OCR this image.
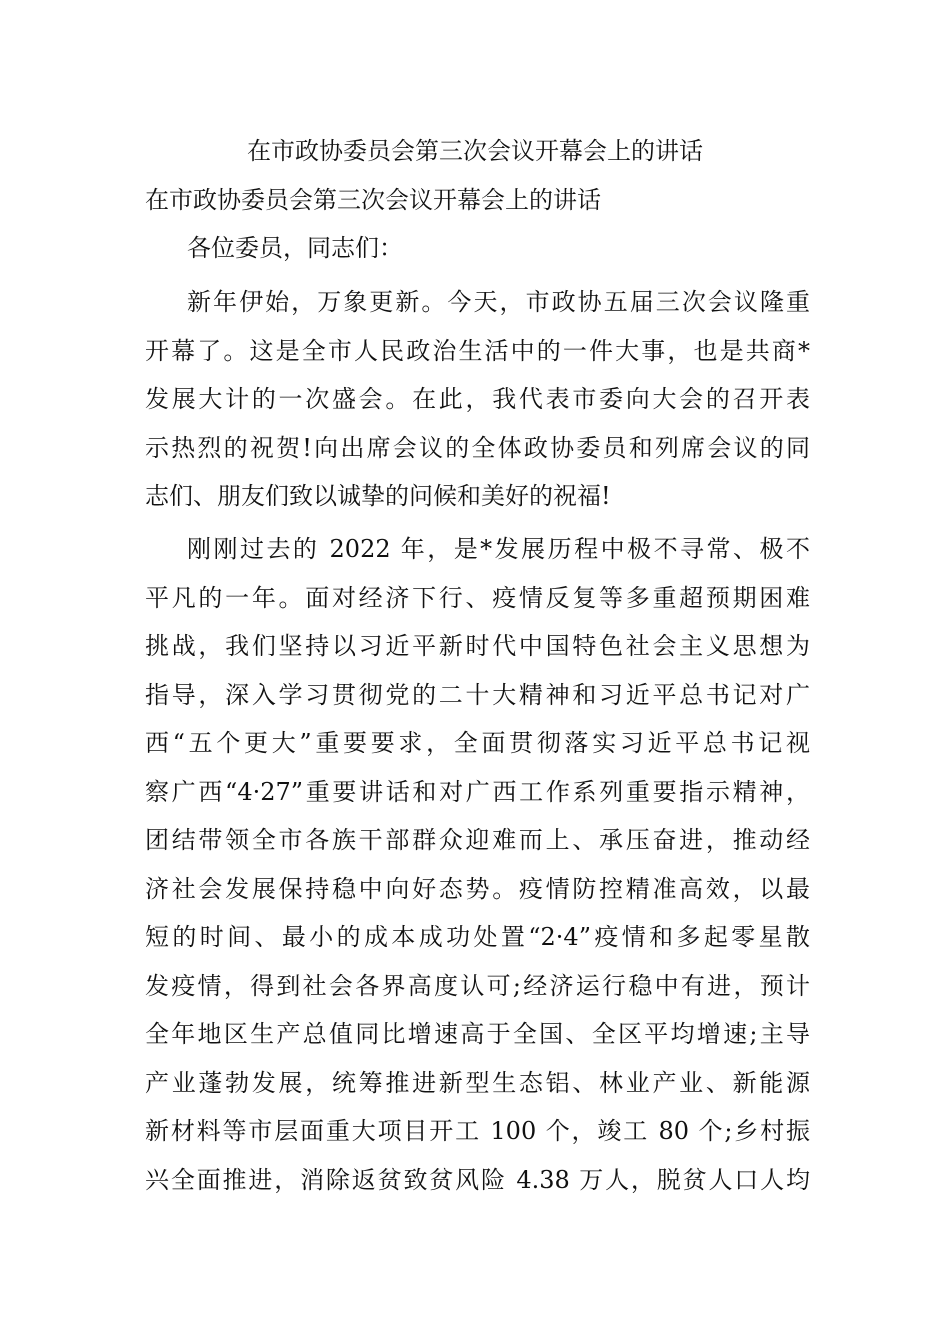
在市政协委员会第三次会议开幕会上的讲话

在市政协委员会第三次会议开幕会上的讲话

各位委员，同志们：

新年伊始，万象更新。今天，市政协五届三次会议隆重
开幕了。这是全市人民政治生活中的一件大事，也是共商*
发展大计的一次盛会。在此，我代表市委向大会的召开表
示热烈的祝贺!向出席会议的全体政协委员和列席会议的同
志们、朋友们致以诚挚的问候和美好的祝福!
刚刚过去的 2022 年，是*发展历程中极不寻常、极不
平凡的一年。面对经济下行、疫情反复等多重超预期困难
挑战，我们坚持以习近平新时代中国特色社会主义思想为
指导，深入学习贯彻党的二十大精神和习近平总书记对广
西“五个更大”重要要求，全面贯彻落实习近平总书记视
察广西“4·27”重要讲话和对广西工作系列重要指示精神，
团结带领全市各族干部群众迎难而上、承压奋进，推动经
济社会发展保持稳中向好态势。疫情防控精准高效，以最
短的时间、最小的成本成功处置“2·4”疫情和多起零星散
发疫情，得到社会各界高度认可;经济运行稳中有进，预计
全年地区生产总值同比增速高于全国、全区平均增速;主导
产业蓬勃发展，统筹推进新型生态铝、林业产业、新能源
新材料等市层面重大项目开工 100 个，竣工 80 个;乡村振
兴全面推进，消除返贫致贫风险 4.38 万人，脱贫人口人均
